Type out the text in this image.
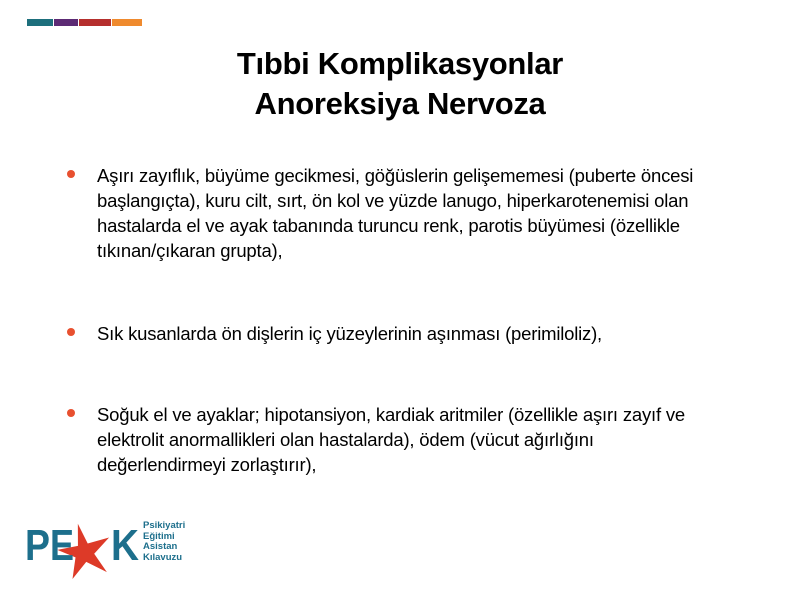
Tıbbi Komplikasyonlar
Anoreksiya Nervoza
Aşırı zayıflık, büyüme gecikmesi, göğüslerin gelişememesi (puberte öncesi
başlangıçta), kuru cilt, sırt, ön kol ve yüzde lanugo, hiperkarotenemisi olan
hastalarda el ve ayak tabanında turuncu renk, parotis büyümesi (özellikle
tıkınan/çıkaran grupta),
Sık kusanlarda ön dişlerin iç yüzeylerinin aşınması (perimiloliz),
Soğuk el ve ayaklar; hipotansiyon, kardiak aritmiler (özellikle aşırı zayıf ve
elektrolit anormallikleri olan hastalarda), ödem (vücut ağırlığını
değerlendirmeyi zorlaştırır),
P E K Psikiyatri
Eğitimi
Asistan
Kılavuzu
